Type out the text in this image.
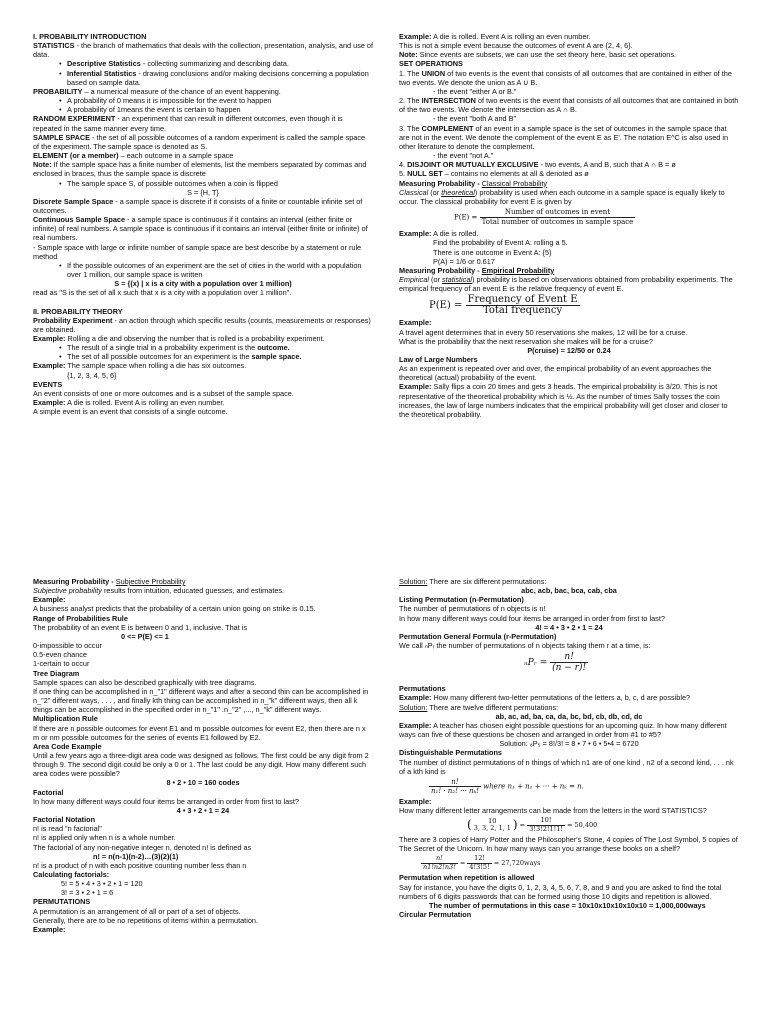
I. PROBABILITY INTRODUCTION

STATISTICS - the branch of mathematics that deals with the collection, presentation, analysis, and use of data.

• Descriptive Statistics - collecting summarizing and describing data.

• Inferential Statistics - drawing conclusions and/or making decisions concerning a population based on sample data.

PROBABILITY – a numerical measure of the chance of an event happening.

• A probability of 0 means it is impossible for the event to happen

• A probability of 1means the event is certain to happen

RANDOM EXPERIMENT - an experiment that can result in different outcomes, even though it is repeated in the same manner every time.

SAMPLE SPACE - the set of all possible outcomes of a random experiment is called the sample space of the experiment. The sample space is denoted as S.

ELEMENT (or a member) – each outcome in a sample space

Note: If the sample space has a finite number of elements, list the members separated by commas and enclosed in braces, thus the sample space is discrete

• The sample space S, of possible outcomes when a coin is flipped

S = {H, T}

Discrete Sample Space - a sample space is discrete if it consists of a finite or countable infinite set of outcomes.

Continuous Sample Space - a sample space is continuous if it contains an interval (either finite or infinite) of real numbers. A sample space is continuous if it contains an interval (either finite or infinite) of real numbers.

- Sample space with large or infinite number of sample space are best describe by a statement or rule method

• If the possible outcomes of an experiment are the set of cities in the world with a population over 1 million, our sample space is written

S = {(x) | x is a city with a population over 1 million)

read as "S is the set of all x such that x is a city with a population over 1 million".

II. PROBABILITY THEORY

Probability Experiment - an action through which specific results (counts, measurements or responses) are obtained.

Example: Rolling a die and observing the number that is rolled is a probability experiment.

• The result of a single trial in a probability experiment is the outcome.

• The set of all possible outcomes for an experiment is the sample space.

Example: The sample space when rolling a die has six outcomes.

{1, 2, 3, 4, 5, 6}

EVENTS

An event consists of one or more outcomes and is a subset of the sample space.

Example: A die is rolled. Event A is rolling an even number.

A simple event is an event that consists of a single outcome.

Example: A die is rolled. Event A is rolling an even number.

This is not a simple event because the outcomes of event A are {2, 4, 6}.

Note: Since events are subsets, we can use the set theory here, basic set operations.

SET OPERATIONS

1. The UNION of two events is the event that consists of all outcomes that are contained in either of the two events. We denote the union as A ∪ B.

- the event "either A or B."

2. The INTERSECTION of two events is the event that consists of all outcomes that are contained in both of the two events. We denote the intersection as A ∩ B.

- the event "both A and B"

3. The COMPLEMENT of an event in a sample space is the set of outcomes in the sample space that are not in the event. We denote the complement of the event E as E'. The notation E^C is also used in other literature to denote the complement.

- the event "not A."

4. DISJOINT OR MUTUALLY EXCLUSIVE - two events, A and B, such that A ∩ B = ø

5. NULL SET – contains no elements at all & denoted as ø

Measuring Probability - Classical Probability

Classical (or theoretical) probability is used when each outcome in a sample space is equally likely to occur. The classical probability for event E is given by

$P(E) = \frac{\text{Number of outcomes in event}}{\text{Total number of outcomes in sample space}}$

Example: A die is rolled.

Find the probability of Event A: rolling a 5.

There is one outcome in Event A: {5}

P(A) = 1/6 or 0.617

Measuring Probability - Empirical Probability

Empirical (or statistical) probability is based on observations obtained from probability experiments. The empirical frequency of an event E is the relative frequency of event E.

$P(E) = \frac{\text{Frequency of Event E}}{\text{Total frequency}}$

Example:

A travel agent determines that in every 50 reservations she makes, 12 will be for a cruise.

What is the probability that the next reservation she makes will be for a cruise?

P(cruise) = 12/50 or 0.24

Law of Large Numbers

As an experiment is repeated over and over, the empirical probability of an event approaches the theoretical (actual) probability of the event.

Example: Sally flips a coin 20 times and gets 3 heads. The empirical probability is 3/20. This is not representative of the theoretical probability which is ½. As the number of times Sally tosses the coin increases, the law of large numbers indicates that the empirical probability will get closer and closer to the theoretical probability.

Measuring Probability - Subjective Probability

Subjective probability results from intuition, educated guesses, and estimates.

Example:

A business analyst predicts that the probability of a certain union going on strike is 0.15.

Range of Probabilities Rule

The probability of an event E is between 0 and 1, inclusive. That is

0 <= P(E) <= 1

0-impossible to occur

0.5-even chance

1-certain to occur

Tree Diagram

Sample spaces can also be described graphically with tree diagrams.

If one thing can be accomplished in n_"1" different ways and after a second thin can be accomplished in n_"2" different ways, . . . , and finally kth thing can be accomplished in n_"k" different ways, then all k things can be accomplished in the specified order in n_"1" .n_"2" ,..., n_"k" different ways.

Multiplication Rule

If there are n possible outcomes for event E1 and m possible outcomes for event E2, then there are n x m or nm possible outcomes for the series of events E1 followed by E2.

Area Code Example

Until a few years ago a three-digit area code was designed as follows. The first could be any digit from 2 through 9. The second digit could be only a 0 or 1. The last could be any digit. How many different such area codes were possible?

8 • 2 • 10 = 160 codes

Factorial

In how many different ways could four items be arranged in order from first to last?

4 • 3 • 2 • 1 = 24

Factorial Notation

n! is read "n factorial"

n! is applied only when n is a whole number.

The factorial of any non-negative integer n, denoted n! is defined as

n! = n(n-1)(n-2)…(3)(2)(1)

n! is a product of n with each positive counting number less than n

Calculating factorials:

5! = 5 • 4 • 3 • 2 • 1 = 120

3! = 3 • 2 • 1 = 6

PERMUTATIONS

A permutation is an arrangement of all or part of a set of objects.

Generally, there are to be no repetitions of items within a permutation.

Example:

Solution: There are six different permutations:

abc, acb, bac, bca, cab, cba

Listing Permutation (n-Permutation)

The number of permutations of n objects is n!

In how many different ways could four items be arranged in order from first to last?

4! = 4 • 3 • 2 • 1 = 24

Permutation General Formula (r-Permutation)

We call ₙPᵣ the number of permutations of n objects taking them r at a time, is:

ₙPᵣ = $\frac{n!}{(n - r)!}$

Permutations

Example: How many different two-letter permutations of the letters a, b, c, d are possible?

Solution: There are twelve different permutations:

ab, ac, ad, ba, ca, da, bc, bd, cb, db, cd, dc

Example: A teacher has chosen eight possible questions for an upcoming quiz. In how many different ways can five of these questions be chosen and arranged in order from #1 to #5?

Solution: ₈P₅ = 8!/3! = 8 • 7 • 6 • 5•4 = 6720

Distinguishable Permutations

The number of distinct permutations of n things of which n1 are of one kind , n2 of a second kind, . . . nk of a kth kind is

$\frac{n!}{\text{n₁! · n₂! ··· nₖ!}}$ where n₁ + n₂ + ··· + nₖ = n.

Example:

How many different letter arrangements can be made from the letters in the word STATISTICS?

(	10
3, 3, 2, 1, 1 ) = $\frac{10!}{3!3!2!1!1!} = 50,400$

There are 3 copies of Harry Potter and the Philosopher's Stone, 4 copies of The Lost Symbol, 5 copies of The Secret of the Unicorn. In how many ways can you arrange these books on a shelf?

$\frac{n!}{n1!n2!n3!} = \frac{12!}{4!3!5!}$ = 27,720ways

Permutation when repetition is allowed

Say for instance, you have the digits 0, 1, 2, 3, 4, 5, 6, 7, 8, and 9 and you are asked to find the total numbers of 6 digits passwords that can be formed using those 10 digits and repetition is allowed.

The number of permutations in this case = 10x10x10x10x10x10 = 1,000,000ways

Circular Permutation
